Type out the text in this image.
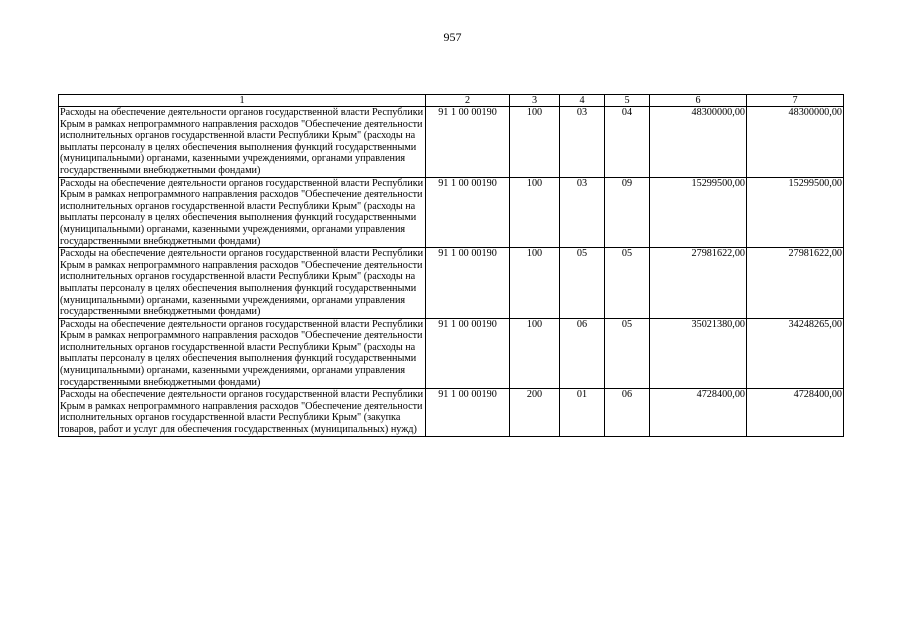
957
1	2	3	4	5	6	7
Расходы на обеспечение деятельности органов государственной власти Республики Крым в рамках непрограммного направления расходов "Обеспечение деятельности исполнительных органов государственной власти Республики Крым" (расходы на выплаты персоналу в целях обеспечения выполнения функций государственными (муниципальными) органами, казенными учреждениями, органами управления государственными внебюджетными фондами)	91 1 00 00190	100	03	04	48300000,00	48300000,00
Расходы на обеспечение деятельности органов государственной власти Республики Крым в рамках непрограммного направления расходов "Обеспечение деятельности исполнительных органов государственной власти Республики Крым" (расходы на выплаты персоналу в целях обеспечения выполнения функций государственными (муниципальными) органами, казенными учреждениями, органами управления государственными внебюджетными фондами)	91 1 00 00190	100	03	09	15299500,00	15299500,00
Расходы на обеспечение деятельности органов государственной власти Республики Крым в рамках непрограммного направления расходов "Обеспечение деятельности исполнительных органов государственной власти Республики Крым" (расходы на выплаты персоналу в целях обеспечения выполнения функций государственными (муниципальными) органами, казенными учреждениями, органами управления государственными внебюджетными фондами)	91 1 00 00190	100	05	05	27981622,00	27981622,00
Расходы на обеспечение деятельности органов государственной власти Республики Крым в рамках непрограммного направления расходов "Обеспечение деятельности исполнительных органов государственной власти Республики Крым" (расходы на выплаты персоналу в целях обеспечения выполнения функций государственными (муниципальными) органами, казенными учреждениями, органами управления государственными внебюджетными фондами)	91 1 00 00190	100	06	05	35021380,00	34248265,00
Расходы на обеспечение деятельности органов государственной власти Республики Крым в рамках непрограммного направления расходов "Обеспечение деятельности исполнительных органов государственной власти Республики Крым" (закупка товаров, работ и услуг для обеспечения государственных (муниципальных) нужд)	91 1 00 00190	200	01	06	4728400,00	4728400,00
